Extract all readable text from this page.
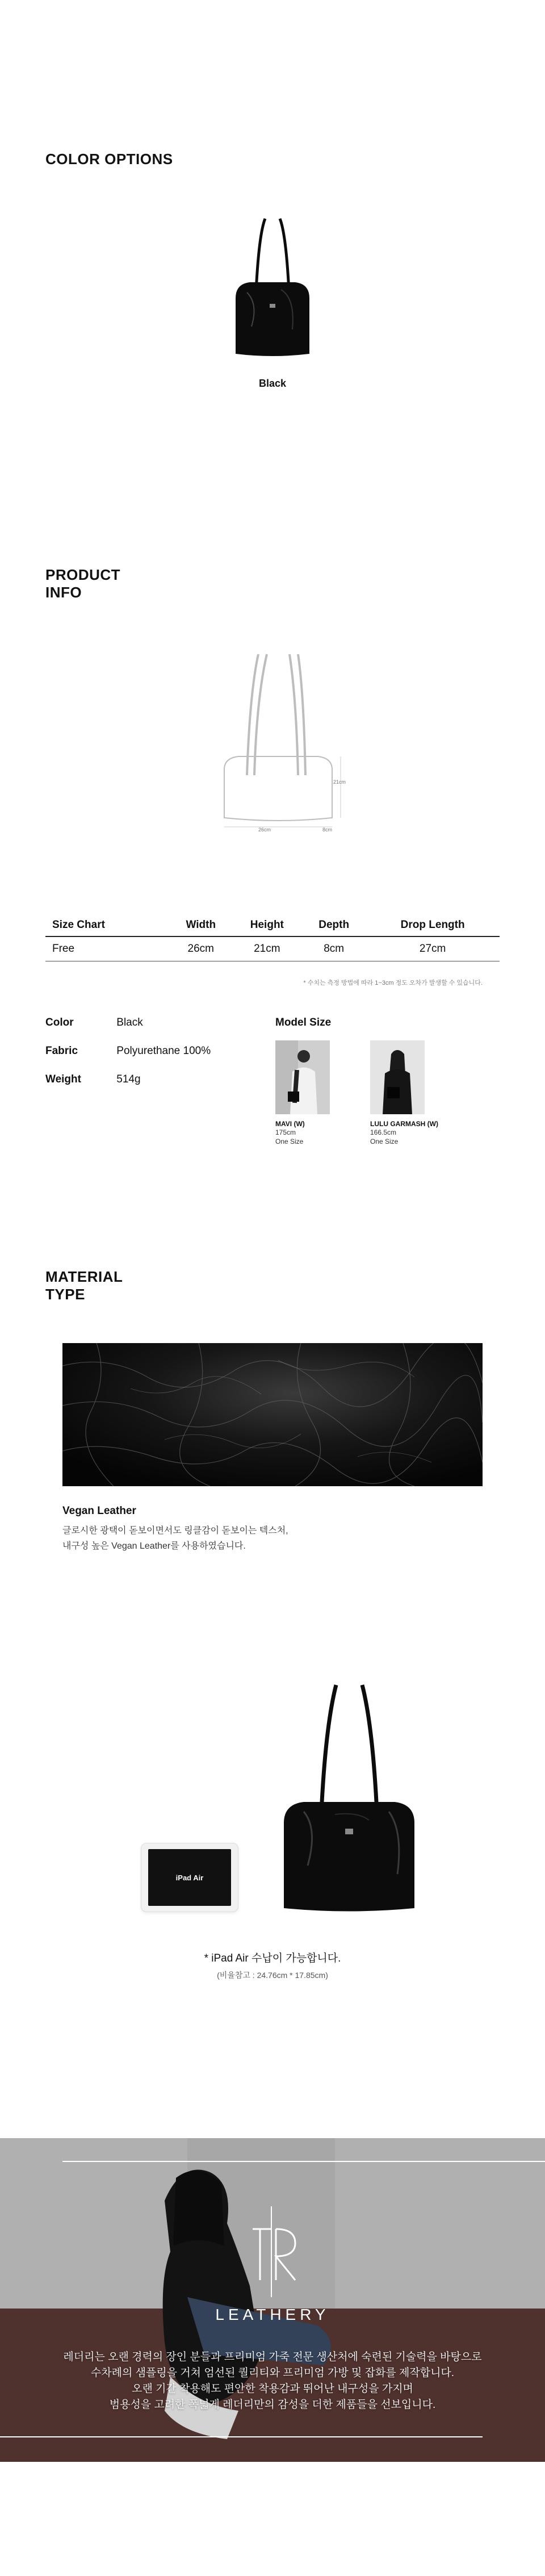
COLOR OPTIONS
Black
PRODUCT
INFO
26cm
21cm
8cm
Size Chart	Width	Height	Depth	Drop Length
Free	26cm	21cm	8cm	27cm
* 수치는 측정 방법에 따라 1~3cm 정도 오차가 발생할 수 있습니다.
Color	Black
Fabric	Polyurethane 100%
Weight	514g
Model Size
MAVI (W)
175cm
One Size
LULU GARMASH (W)
166.5cm
One Size
MATERIAL
TYPE
Vegan Leather
글로시한 광택이 돋보이면서도 링클감이 돋보이는 텍스처,
내구성 높은 Vegan Leather를 사용하였습니다.
iPad Air
* iPad Air 수납이 가능합니다.
(비율참고 : 24.76cm * 17.85cm)
LEATHERY
레더리는 오랜 경력의 장인 분들과 프리미엄 가죽 전문 생산처에 숙련된 기술력을 바탕으로
수차례의 샘플링을 거쳐 엄선된 퀄리티와 프리미엄 가방 및 잡화를 제작합니다.
오랜 기간 착용해도 편안한 착용감과 뛰어난 내구성을 가지며
범용성을 고려한 폭넓게 레더리만의 감성을 더한 제품들을 선보입니다.
